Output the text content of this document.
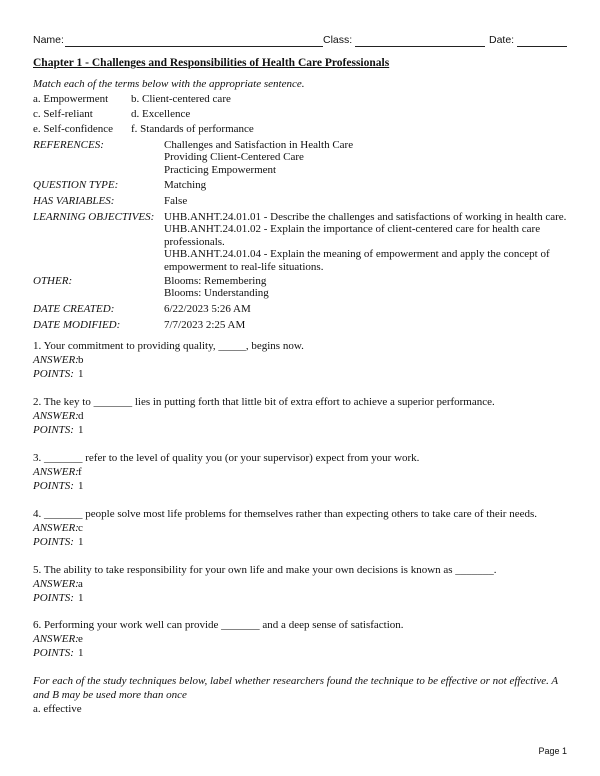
Name:	Class:	Date:
Chapter 1 - Challenges and Responsibilities of Health Care Professionals
Match each of the terms below with the appropriate sentence.
a. Empowerment b. Client-centered care
c. Self-reliant	d. Excellence
e. Self-confidence f. Standards of performance
REFERENCES:	Challenges and Satisfaction in Health Care
Providing Client-Centered Care
Practicing Empowerment
QUESTION TYPE:	Matching
HAS VARIABLES:	False
LEARNING OBJECTIVES: UHB.ANHT.24.01.01 - Describe the challenges and satisfactions of working in health care.
UHB.ANHT.24.01.02 - Explain the importance of client-centered care for health care professionals.
UHB.ANHT.24.01.04 - Explain the meaning of empowerment and apply the concept of empowerment to real-life situations.
OTHER:	Blooms: Remembering
Blooms: Understanding
DATE CREATED:	6/22/2023 5:26 AM
DATE MODIFIED:	7/7/2023 2:25 AM
1. Your commitment to providing quality, _____, begins now.
ANSWER:b
POINTS: 1
2. The key to _______ lies in putting forth that little bit of extra effort to achieve a superior performance.
ANSWER:d
POINTS: 1
3. _______ refer to the level of quality you (or your supervisor) expect from your work.
ANSWER:f
POINTS: 1
4. _______ people solve most life problems for themselves rather than expecting others to take care of their needs.
ANSWER:c
POINTS: 1
5. The ability to take responsibility for your own life and make your own decisions is known as _______.
ANSWER:a
POINTS: 1
6. Performing your work well can provide _______ and a deep sense of satisfaction.
ANSWER:e
POINTS: 1
For each of the study techniques below, label whether researchers found the technique to be effective or not effective. A and B may be used more than once
a. effective
Page 1
